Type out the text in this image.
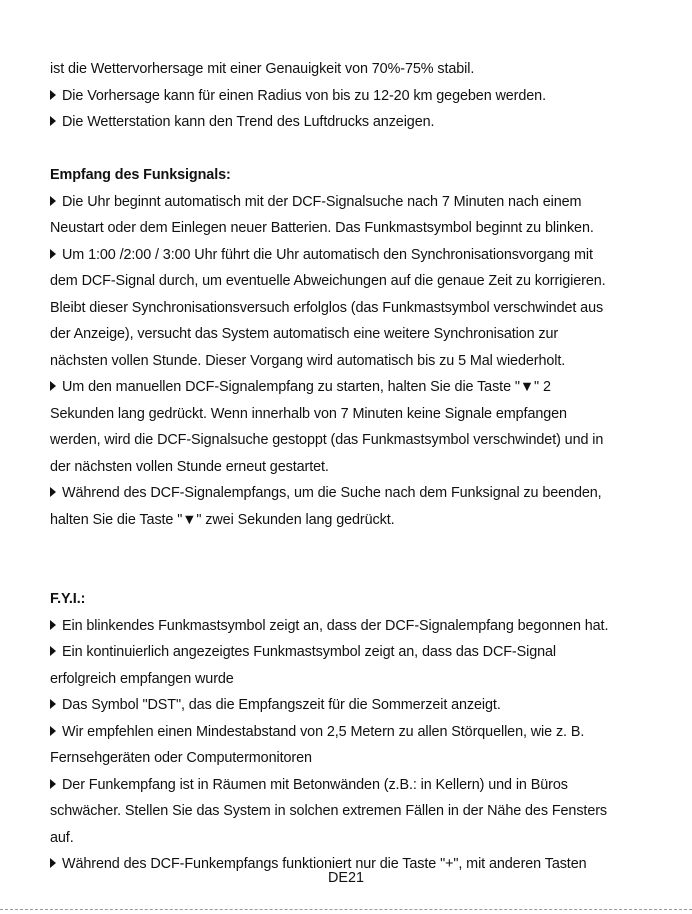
ist die Wettervorhersage mit einer Genauigkeit von 70%-75% stabil.
Die Vorhersage kann für einen Radius von bis zu 12-20 km gegeben werden.
Die Wetterstation kann den Trend des Luftdrucks anzeigen.
Empfang des Funksignals:
Die Uhr beginnt automatisch mit der DCF-Signalsuche nach 7 Minuten nach einem
Neustart oder dem Einlegen neuer Batterien. Das Funkmastsymbol beginnt zu blinken.
Um 1:00 /2:00 / 3:00 Uhr führt die Uhr automatisch den Synchronisationsvorgang mit
dem DCF-Signal durch, um eventuelle Abweichungen auf die genaue Zeit zu korrigieren.
Bleibt dieser Synchronisationsversuch erfolglos (das Funkmastsymbol verschwindet aus
der Anzeige), versucht das System automatisch eine weitere Synchronisation zur
nächsten vollen Stunde. Dieser Vorgang wird automatisch bis zu 5 Mal wiederholt.
Um den manuellen DCF-Signalempfang zu starten, halten Sie die Taste "▼" 2
Sekunden lang gedrückt. Wenn innerhalb von 7 Minuten keine Signale empfangen
werden, wird die DCF-Signalsuche gestoppt (das Funkmastsymbol verschwindet) und in
der nächsten vollen Stunde erneut gestartet.
Während des DCF-Signalempfangs, um die Suche nach dem Funksignal zu beenden,
halten Sie die Taste "▼" zwei Sekunden lang gedrückt.
F.Y.I.:
Ein blinkendes Funkmastsymbol zeigt an, dass der DCF-Signalempfang begonnen hat.
Ein kontinuierlich angezeigtes Funkmastsymbol zeigt an, dass das DCF-Signal
erfolgreich empfangen wurde
Das Symbol "DST", das die Empfangszeit für die Sommerzeit anzeigt.
Wir empfehlen einen Mindestabstand von 2,5 Metern zu allen Störquellen, wie z. B.
Fernsehgeräten oder Computermonitoren
Der Funkempfang ist in Räumen mit Betonwänden (z.B.: in Kellern) und in Büros
schwächer. Stellen Sie das System in solchen extremen Fällen in der Nähe des Fensters
auf.
Während des DCF-Funkempfangs funktioniert nur die Taste "+", mit anderen Tasten
DE21
